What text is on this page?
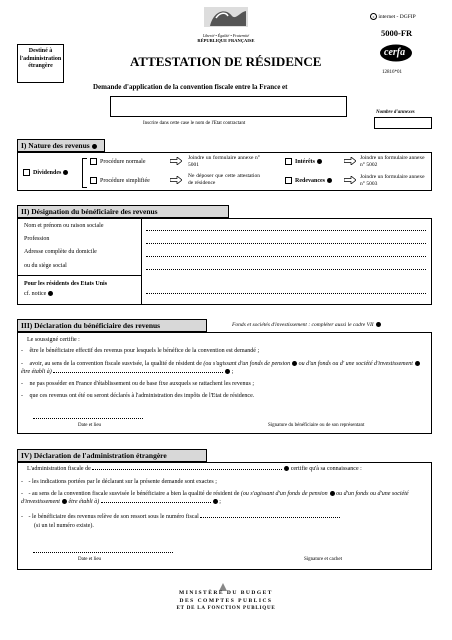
Liberté • Égalité • Fraternité
RÉPUBLIQUE FRANÇAISE
c internet - DGFIP
5000-FR
cerfa
12816*01
Destiné à l'administration étrangère	ATTESTATION DE RÉSIDENCE
Demande d'application de la convention fiscale entre la France et
Inscrire dans cette case le nom de l'Etat contractant
Nombre d'annexes
I) Nature des revenus
Dividendes
Procédure normale
Procédure simplifiée
Joindre un formulaire annexe n° 5001
Ne déposer que cette attestation de résidence
Intérêts
Redevances
Joindre un formulaire annexe n° 5002
Joindre un formulaire annexe n° 5003
II) Désignation du bénéficiaire des revenus
Nom et prénom ou raison sociale
Profession
Adresse complète du domicile
ou du siège social
Pour les résidents des Etats Unis
cf. notice
III) Déclaration du bénéficiaire des revenus	Fonds et sociétés d'investissement : compléter aussi le cadre VII
Le soussigné certifie :
- être le bénéficiaire effectif des revenus pour lesquels le bénéfice de la convention est demandé ;
- avoir, au sens de la convention fiscale susvisée, la qualité de résident de (ou s'agissant d'un fonds de pension ou d'un fonds ou d' une société d'investissement être établi à)	;
- ne pas posséder en France d'établissement ou de base fixe auxquels se rattachent les revenus ;
- que ces revenus ont été ou seront déclarés à l'administration des impôts de l'Etat de résidence.
Date et lieu	Signature du bénéficiaire ou de son représentant
IV) Déclaration de l'administration étrangère
L'administration fiscale de	certifie qu'à sa connaissance :
- - les indications portées par le déclarant sur la présente demande sont exactes ;
- - au sens de la convention fiscale susvisée le bénéficiaire a bien la qualité de résident de (ou s'agissant d'un fonds de pension ou d'un fonds ou d'une société d'investissement être établi à)	;
- - le bénéficiaire des revenus relève de son ressort sous le numéro fiscal
(si un tel numéro existe).
Date et lieu	Signature et cachet
MINISTÈRE DU BUDGET
DES COMPTES PUBLICS
ET DE LA FONCTION PUBLIQUE
